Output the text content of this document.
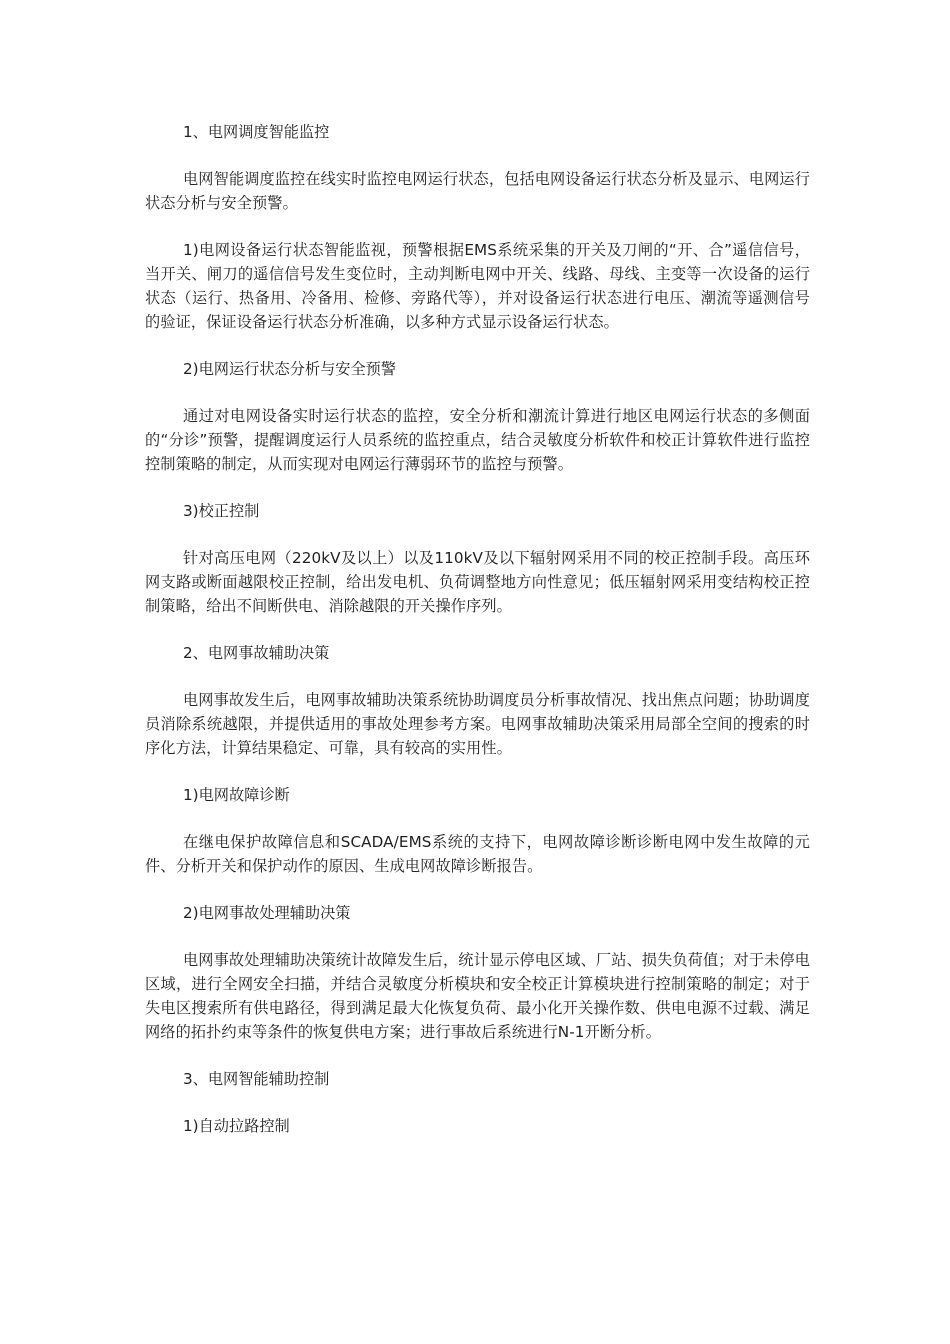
1、电网调度智能监控

电网智能调度监控在线实时监控电网运行状态，包括电网设备运行状态分析及显示、电网运行状态分析与安全预警。

1)电网设备运行状态智能监视，预警根据EMS系统采集的开关及刀闸的“开、合”遥信信号，当开关、闸刀的遥信信号发生变位时，主动判断电网中开关、线路、母线、主变等一次设备的运行状态（运行、热备用、冷备用、检修、旁路代等），并对设备运行状态进行电压、潮流等遥测信号的验证，保证设备运行状态分析准确，以多种方式显示设备运行状态。

2)电网运行状态分析与安全预警

通过对电网设备实时运行状态的监控，安全分析和潮流计算进行地区电网运行状态的多侧面的“分诊”预警，提醒调度运行人员系统的监控重点，结合灵敏度分析软件和校正计算软件进行监控控制策略的制定，从而实现对电网运行薄弱环节的监控与预警。

3)校正控制

针对高压电网（220kV及以上）以及110kV及以下辐射网采用不同的校正控制手段。高压环网支路或断面越限校正控制，给出发电机、负荷调整地方向性意见；低压辐射网采用变结构校正控制策略，给出不间断供电、消除越限的开关操作序列。

2、电网事故辅助决策

电网事故发生后，电网事故辅助决策系统协助调度员分析事故情况、找出焦点问题；协助调度员消除系统越限，并提供适用的事故处理参考方案。电网事故辅助决策采用局部全空间的搜索的时序化方法，计算结果稳定、可靠，具有较高的实用性。

1)电网故障诊断

在继电保护故障信息和SCADA/EMS系统的支持下，电网故障诊断诊断电网中发生故障的元件、分析开关和保护动作的原因、生成电网故障诊断报告。

2)电网事故处理辅助决策

电网事故处理辅助决策统计故障发生后，统计显示停电区域、厂站、损失负荷值；对于未停电区域，进行全网安全扫描，并结合灵敏度分析模块和安全校正计算模块进行控制策略的制定；对于失电区搜索所有供电路径，得到满足最大化恢复负荷、最小化开关操作数、供电电源不过载、满足网络的拓扑约束等条件的恢复供电方案；进行事故后系统进行N-1开断分析。

3、电网智能辅助控制

1)自动拉路控制
